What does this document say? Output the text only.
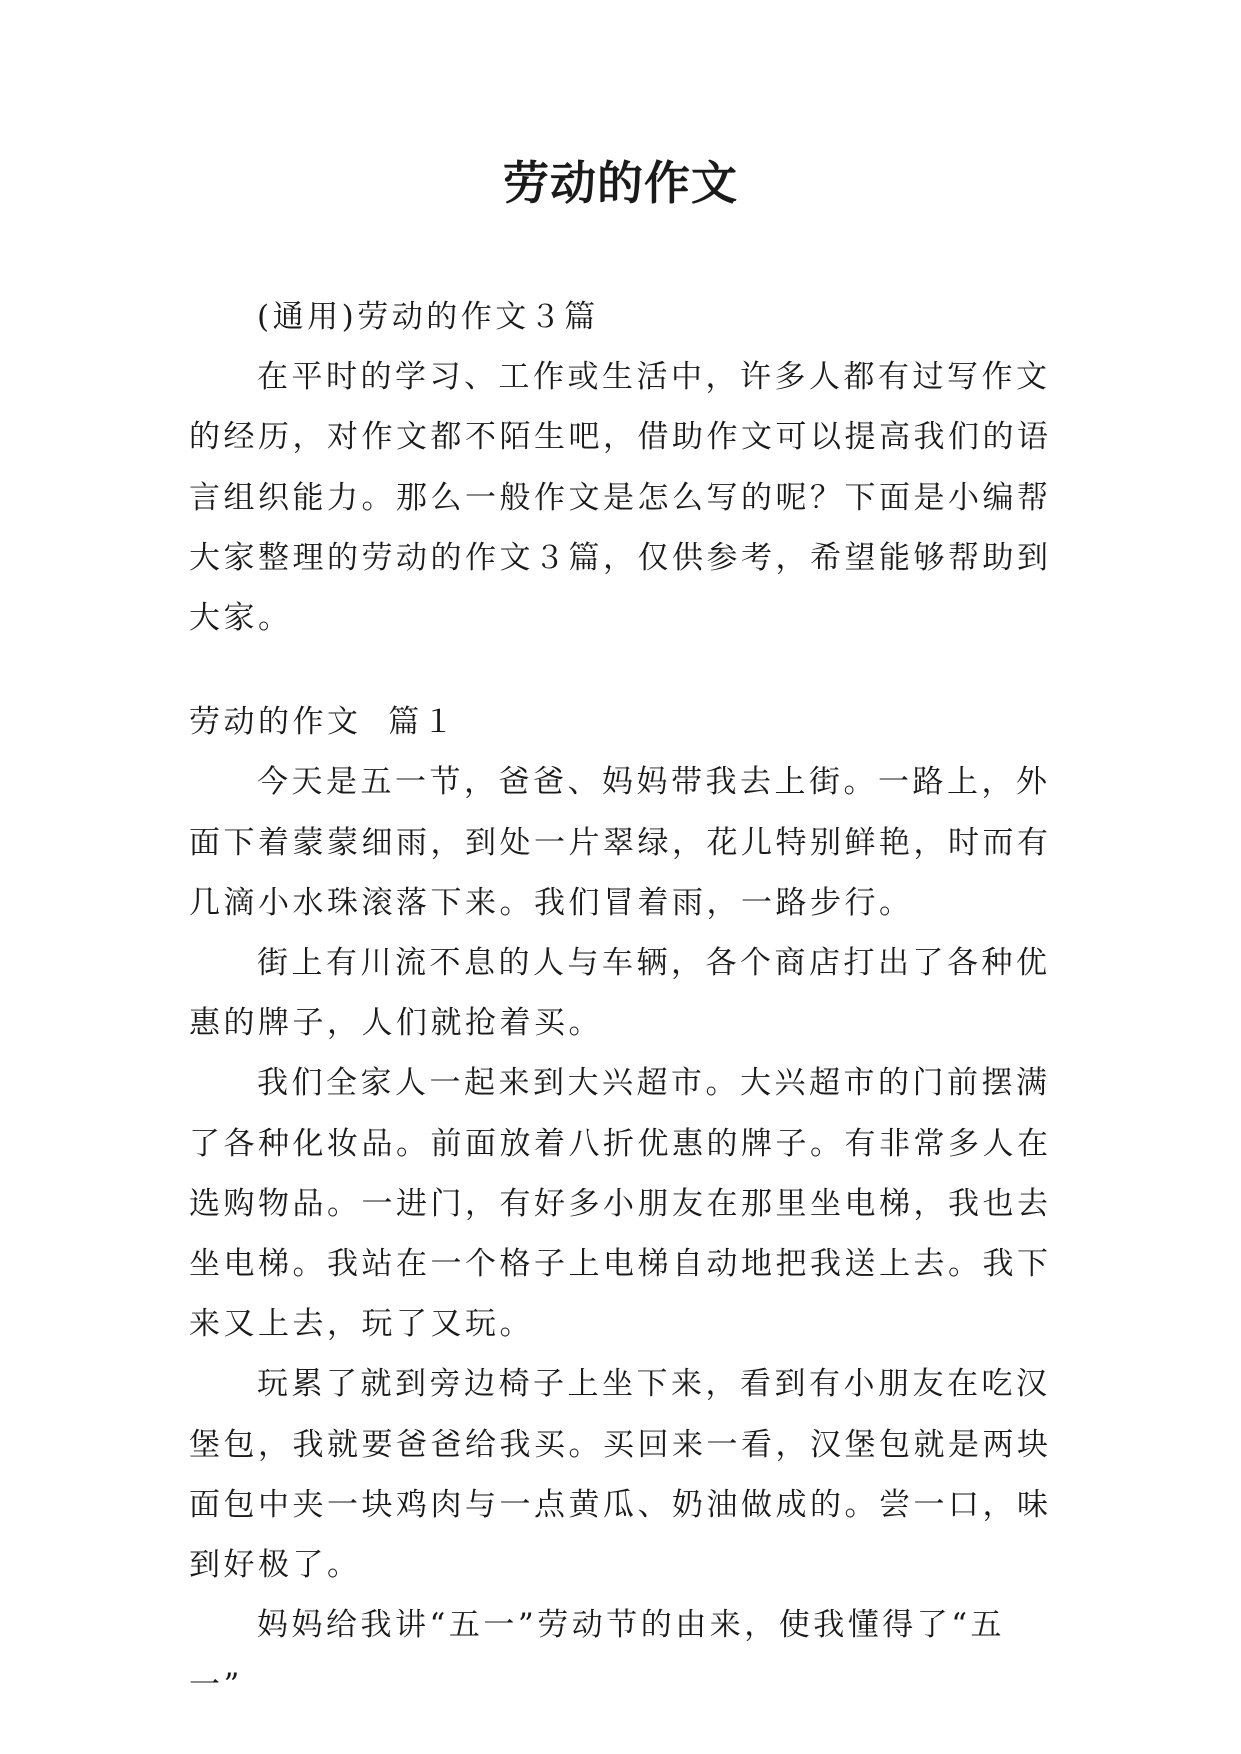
劳动的作文

(通用)劳动的作文３篇

在平时的学习、工作或生活中，许多人都有过写作文的经历，对作文都不陌生吧，借助作文可以提高我们的语言组织能力。那么一般作文是怎么写的呢？下面是小编帮大家整理的劳动的作文３篇，仅供参考，希望能够帮助到大家。

劳动的作文  篇１

今天是五一节，爸爸、妈妈带我去上街。一路上，外面下着蒙蒙细雨，到处一片翠绿，花儿特别鲜艳，时而有几滴小水珠滚落下来。我们冒着雨，一路步行。

街上有川流不息的人与车辆，各个商店打出了各种优惠的牌子，人们就抢着买。

我们全家人一起来到大兴超市。大兴超市的门前摆满了各种化妆品。前面放着八折优惠的牌子。有非常多人在选购物品。一进门，有好多小朋友在那里坐电梯，我也去坐电梯。我站在一个格子上电梯自动地把我送上去。我下来又上去，玩了又玩。

玩累了就到旁边椅子上坐下来，看到有小朋友在吃汉堡包，我就要爸爸给我买。买回来一看，汉堡包就是两块面包中夹一块鸡肉与一点黄瓜、奶油做成的。尝一口，味到好极了。

妈妈给我讲“五一”劳动节的由来，使我懂得了“五一”
